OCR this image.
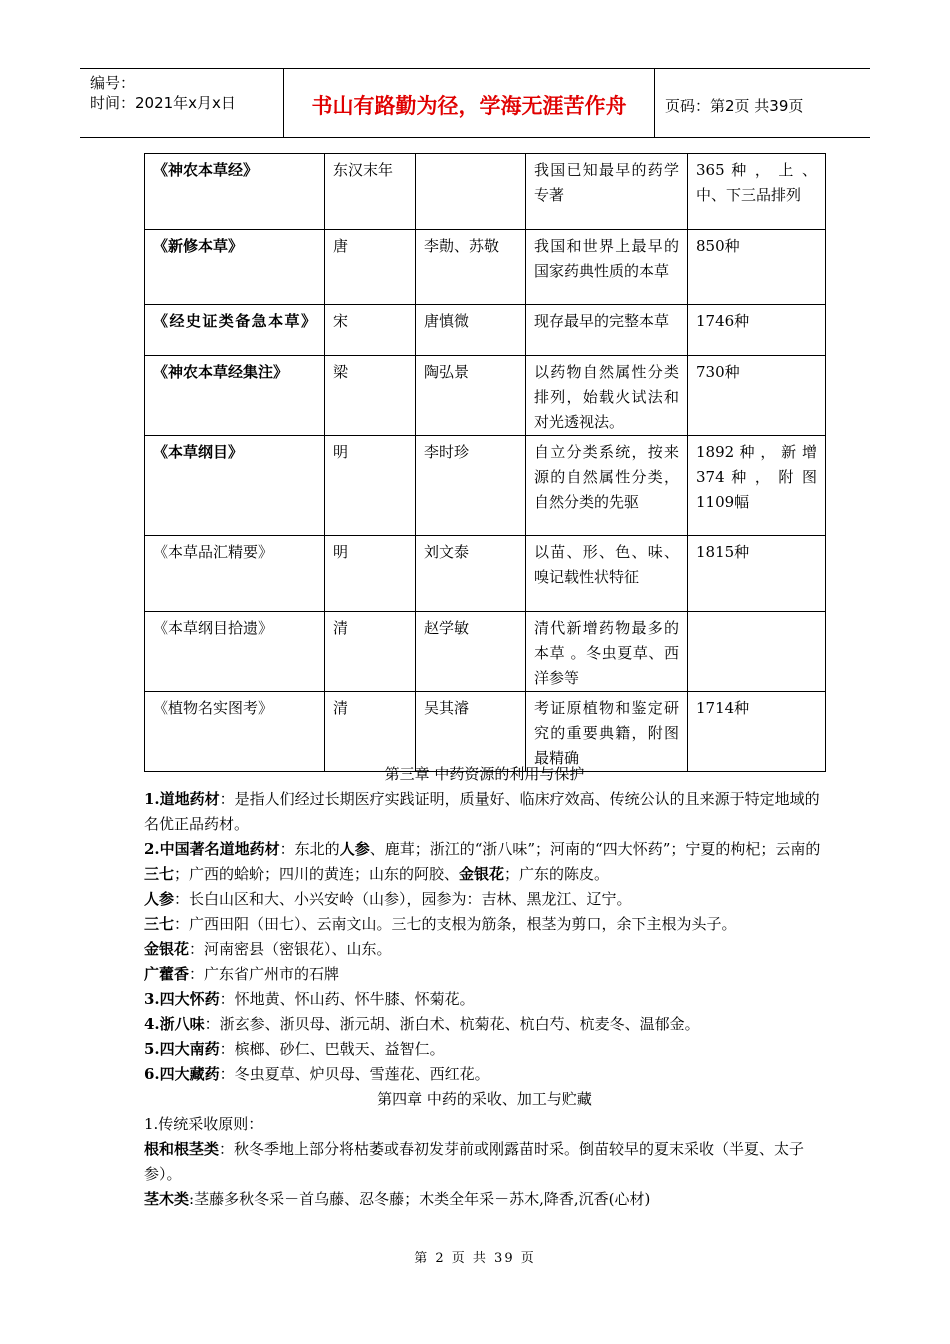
编号：
时间：2021年x月x日	书山有路勤为径，学海无涯苦作舟	页码：第2页 共39页
《神农本草经》	东汉末年		我国已知最早的药学专著	365 种 ， 上 、中、下三品排列
《新修本草》	唐	李勣、苏敬	我国和世界上最早的国家药典性质的本草	850种
《经史证类备急本草》	宋	唐慎微	现存最早的完整本草	1746种
《神农本草经集注》	梁	陶弘景	以药物自然属性分类排列，始载火试法和对光透视法。	730种
《本草纲目》	明	李时珍	自立分类系统，按来源的自然属性分类，自然分类的先驱	1892 种 ， 新 增374 种 ， 附 图1109幅
《本草品汇精要》	明	刘文泰	以苗、形、色、味、嗅记载性状特征	1815种
《本草纲目拾遗》	清	赵学敏	清代新增药物最多的本草 。冬虫夏草、西洋参等	
《植物名实图考》	清	吴其濬	考证原植物和鉴定研究的重要典籍，附图最精确	1714种

第三章 中药资源的利用与保护

1.道地药材：是指人们经过长期医疗实践证明，质量好、临床疗效高、传统公认的且来源于特定地域的名优正品药材。

2.中国著名道地药材：东北的人参、鹿茸；浙江的“浙八味”；河南的“四大怀药”；宁夏的枸杞；云南的三七；广西的蛤蚧；四川的黄连；山东的阿胶、金银花；广东的陈皮。

人参：长白山区和大、小兴安岭（山参），园参为：吉林、黑龙江、辽宁。

三七：广西田阳（田七）、云南文山。三七的支根为筋条，根茎为剪口，余下主根为头子。

金银花：河南密县（密银花）、山东。

广藿香：广东省广州市的石牌

3.四大怀药：怀地黄、怀山药、怀牛膝、怀菊花。

4.浙八味：浙玄参、浙贝母、浙元胡、浙白术、杭菊花、杭白芍、杭麦冬、温郁金。

5.四大南药：槟榔、砂仁、巴戟天、益智仁。

6.四大藏药：冬虫夏草、炉贝母、雪莲花、西红花。

第四章 中药的采收、加工与贮藏

1.传统采收原则：

根和根茎类：秋冬季地上部分将枯萎或春初发芽前或刚露苗时采。倒苗较早的夏末采收（半夏、太子参）。

茎木类:茎藤多秋冬采－首乌藤、忍冬藤；木类全年采－苏木,降香,沉香(心材)

第 2 页 共 39 页
